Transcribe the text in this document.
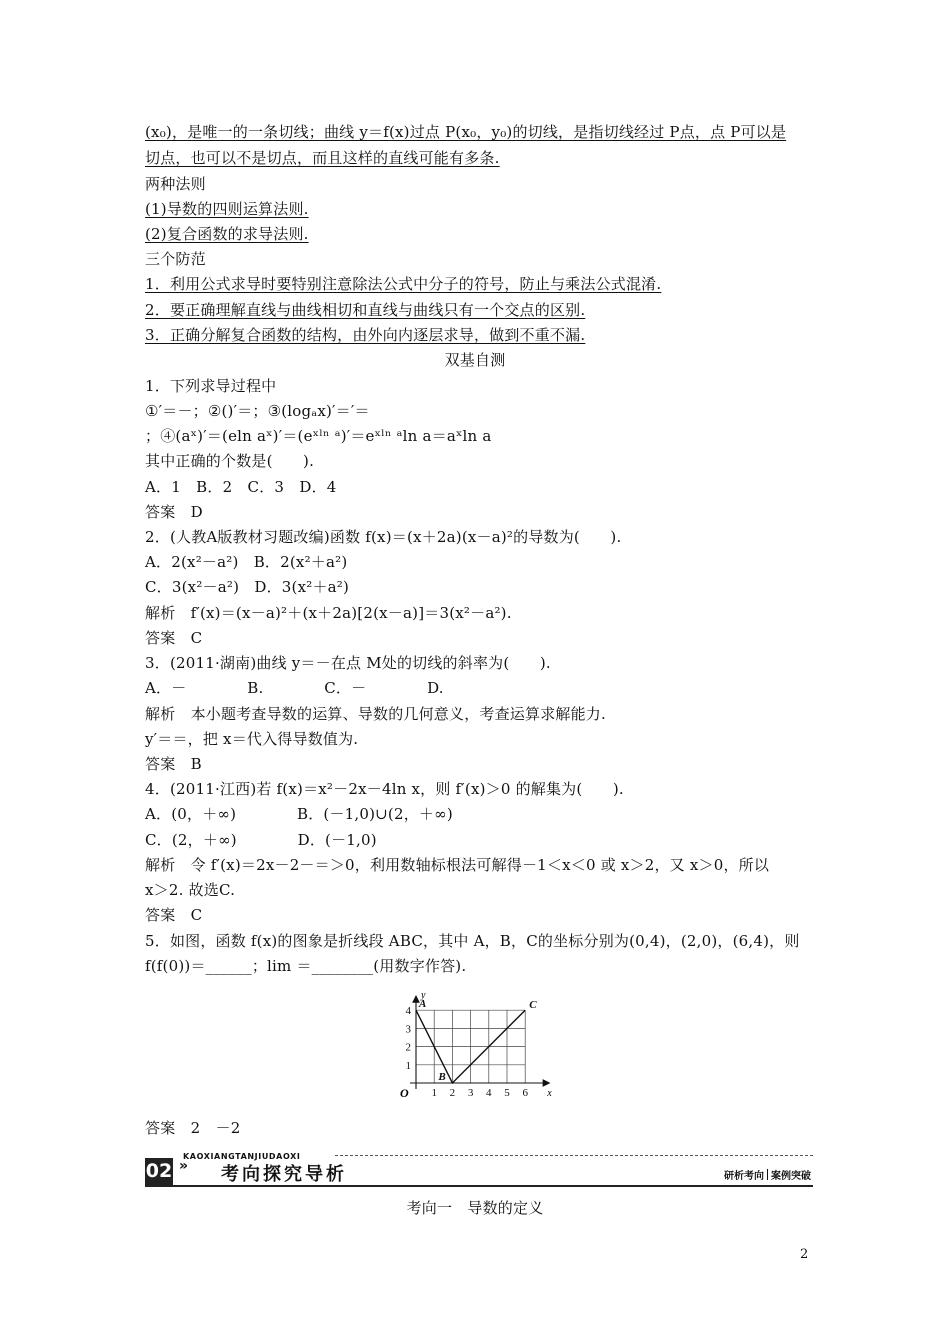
(x₀)，是唯一的一条切线；曲线 y＝f(x)过点 P(x₀，y₀)的切线，是指切线经过 P点，点 P可以是
切点，也可以不是切点，而且这样的直线可能有多条.
两种法则
(1)导数的四则运算法则.
(2)复合函数的求导法则.
三个防范
1．利用公式求导时要特别注意除法公式中分子的符号，防止与乘法公式混淆.
2．要正确理解直线与曲线相切和直线与曲线只有一个交点的区别.
3．正确分解复合函数的结构，由外向内逐层求导，做到不重不漏.
双基自测
1．下列求导过程中
①′＝－；②()′＝；③(logₐx)′＝′＝
；④(aˣ)′＝(eln aˣ)′＝(eˣˡⁿ ᵃ)′＝eˣˡⁿ ᵃln a＝aˣln a
其中正确的个数是(　　).
A．1　B．2　C．3　D．4
答案　D
2．(人教A版教材习题改编)函数 f(x)＝(x＋2a)(x－a)²的导数为(　　).
A．2(x²－a²)　B．2(x²＋a²)
C．3(x²－a²)　D．3(x²＋a²)
解析　f′(x)＝(x－a)²＋(x＋2a)[2(x－a)]＝3(x²－a²).
答案　C
3．(2011·湖南)曲线 y＝－在点 M处的切线的斜率为(　　).
A．－　　　　B.　　　　C．－　　　　D.
解析　本小题考查导数的运算、导数的几何意义，考查运算求解能力.
y′＝＝，把 x＝代入得导数值为.
答案　B
4．(2011·江西)若 f(x)＝x²－2x－4ln x，则 f′(x)＞0 的解集为(　　).
A．(0，＋∞)　　　　B．(－1,0)∪(2，＋∞)
C．(2，＋∞)　　　　D．(－1,0)
解析　令 f′(x)＝2x－2－＝＞0，利用数轴标根法可解得－1＜x＜0 或 x＞2，又 x＞0，所以
x＞2. 故选C.
答案　C
5．如图，函数 f(x)的图象是折线段 ABC，其中 A，B，C的坐标分别为(0,4)，(2,0)，(6,4)，则
f(f(0))＝______；lim ＝________(用数字作答).
1 2 3 4 5 6
1
2
3
4
A
B
C
x
y
O
答案　2　－2
KAOXIANGTANJIUDAOXI
02 » 考向探究导析	研析考向 案例突破
考向一　导数的定义
2
